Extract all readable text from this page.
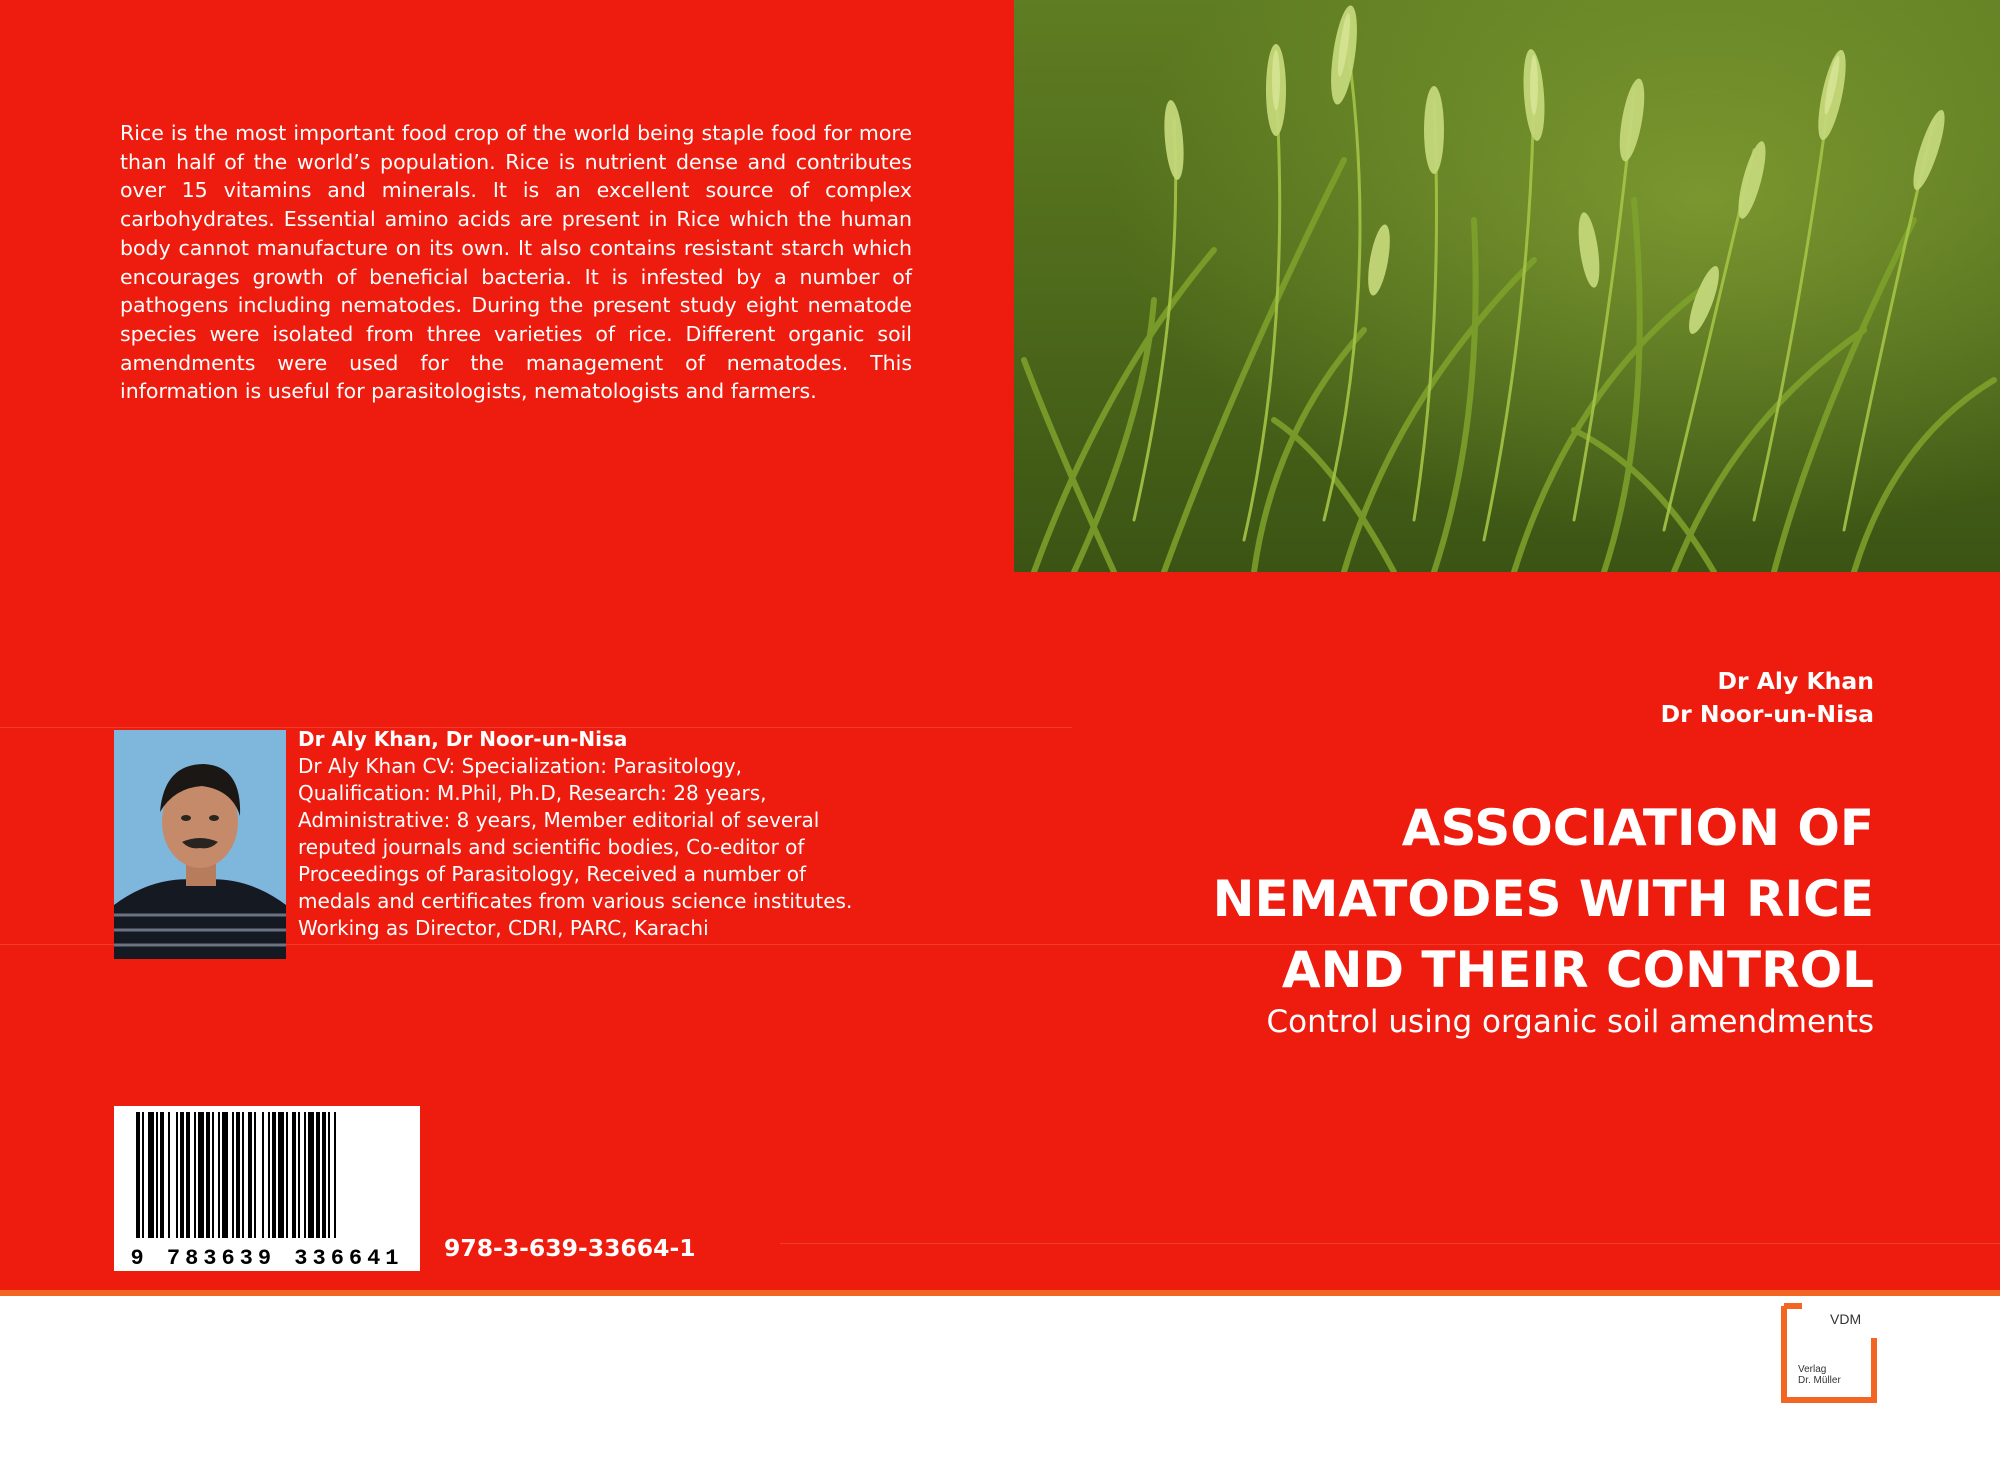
Rice is the most important food crop of the world being staple food for more than half of the world’s population. Rice is nutrient dense and contributes over 15 vitamins and minerals. It is an excellent source of complex carbohydrates. Essential amino acids are present in Rice which the human body cannot manufacture on its own. It also contains resistant starch which encourages growth of beneficial bacteria. It is infested by a number of pathogens including nematodes. During the present study eight nematode species were isolated from three varieties of rice. Different organic soil amendments were used for the management of nematodes. This information is useful for parasitologists, nematologists and farmers.

Dr Aly Khan, Dr Noor-un-Nisa
Dr Aly Khan CV: Specialization: Parasitology, Qualification: M.Phil, Ph.D, Research: 28 years, Administrative: 8 years, Member editorial of several reputed journals and scientific bodies, Co-editor of Proceedings of Parasitology, Received a number of medals and certificates from various science institutes. Working as Director, CDRI, PARC, Karachi
Dr Aly Khan
Dr Noor-un-Nisa
ASSOCIATION OF
NEMATODES WITH RICE
AND THEIR CONTROL
Control using organic soil amendments
9 783639 336641 978-3-639-33664-1
VDM
Verlag
Dr. Müller
